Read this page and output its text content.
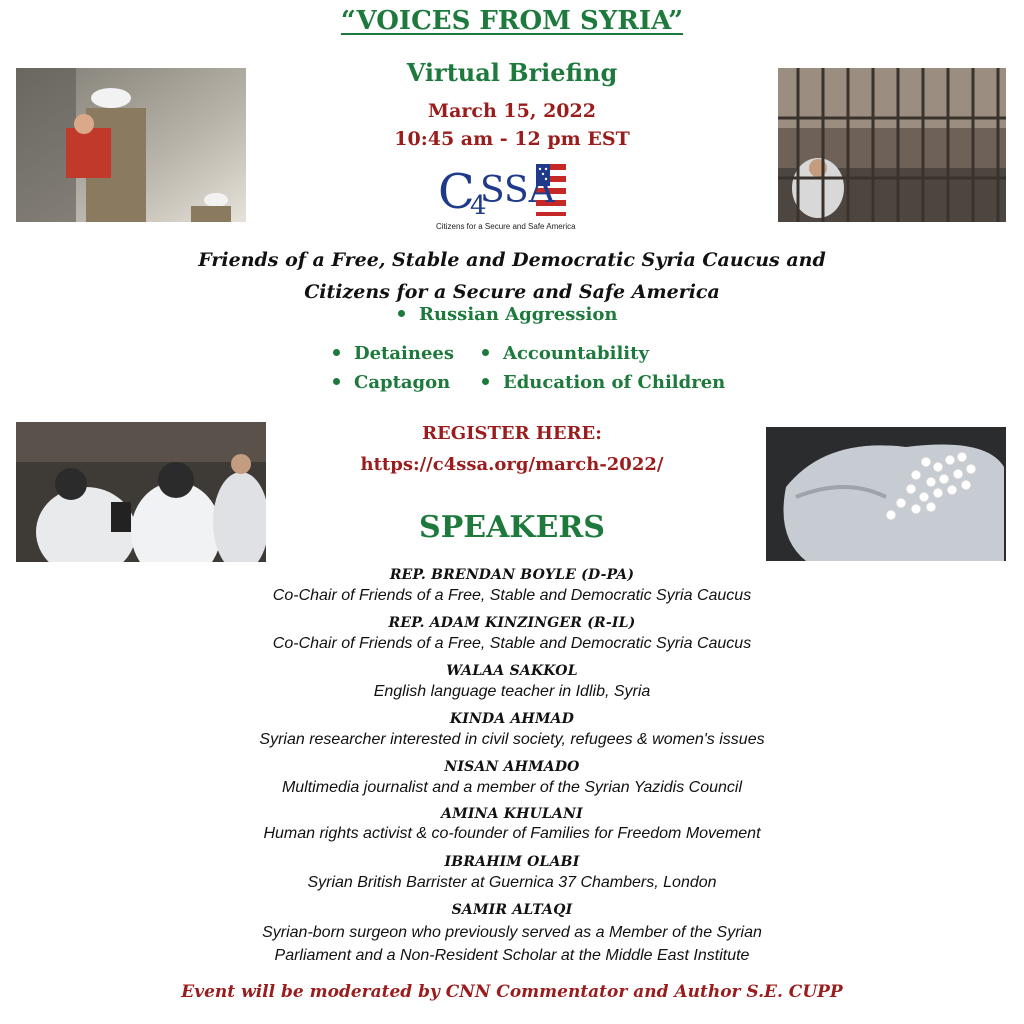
“VOICES FROM SYRIA”
Virtual Briefing
March 15, 2022
10:45 am - 12 pm EST
C
4
SSA
Citizens for a Secure and Safe America
Friends of a Free, Stable and Democratic Syria Caucus and
Citizens for a Secure and Safe America
Russian Aggression
Detainees
Captagon
Accountability
Education of Children
REGISTER HERE:
https://c4ssa.org/march-2022/
SPEAKERS
REP. BRENDAN BOYLE (D-PA)
Co-Chair of Friends of a Free, Stable and Democratic Syria Caucus
REP. ADAM KINZINGER (R-IL)
Co-Chair of Friends of a Free, Stable and Democratic Syria Caucus
WALAA SAKKOL
English language teacher in Idlib, Syria
KINDA AHMAD
Syrian researcher interested in civil society, refugees & women's issues
NISAN AHMADO
Multimedia journalist and a member of the Syrian Yazidis Council
AMINA KHULANI
Human rights activist & co-founder of Families for Freedom Movement
IBRAHIM OLABI
Syrian British Barrister at Guernica 37 Chambers, London
SAMIR ALTAQI
Syrian-born surgeon who previously served as a Member of the Syrian
Parliament and a Non-Resident Scholar at the Middle East Institute
Event will be moderated by CNN Commentator and Author S.E. CUPP
